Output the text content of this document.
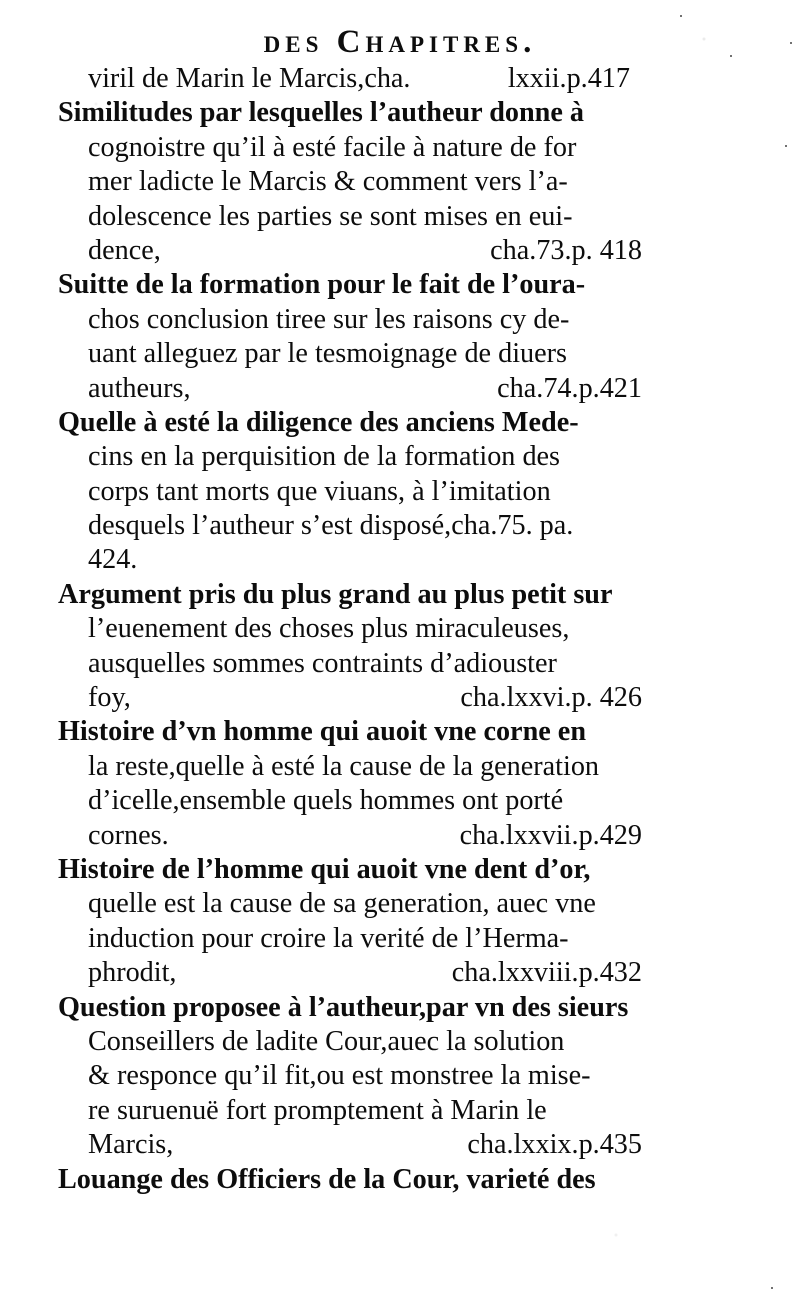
des Chapitres.
viril de Marin le Marcis,cha.	lxxii.p.417
Similitudes par lesquelles l’autheur donne à
cognoistre qu’il à esté facile à nature de for
mer ladicte le Marcis & comment vers l’a-
dolescence les parties se sont mises en eui-
dence,	cha.73.p. 418
Suitte de la formation pour le fait de l’oura-
chos conclusion tiree sur les raisons cy de-
uant alleguez par le tesmoignage de diuers
autheurs,	cha.74.p.421
Quelle à esté la diligence des anciens Mede-
cins en la perquisition de la formation des
corps tant morts que viuans, à l’imitation
desquels l’autheur s’est disposé,cha.75. pa.
424.
Argument pris du plus grand au plus petit sur
l’euenement des choses plus miraculeuses,
ausquelles sommes contraints d’adiouster
foy,	cha.lxxvi.p. 426
Histoire d’vn homme qui auoit vne corne en
la reste,quelle à esté la cause de la generation
d’icelle,ensemble quels hommes ont porté
cornes.	cha.lxxvii.p.429
Histoire de l’homme qui auoit vne dent d’or,
quelle est la cause de sa generation, auec vne
induction pour croire la verité de l’Herma-
phrodit,	cha.lxxviii.p.432
Question proposee à l’autheur,par vn des sieurs
Conseillers de ladite Cour,auec la solution
& responce qu’il fit,ou est monstree la mise-
re suruenuë fort promptement à Marin le
Marcis,	cha.lxxix.p.435
Louange des Officiers de la Cour, varieté des
